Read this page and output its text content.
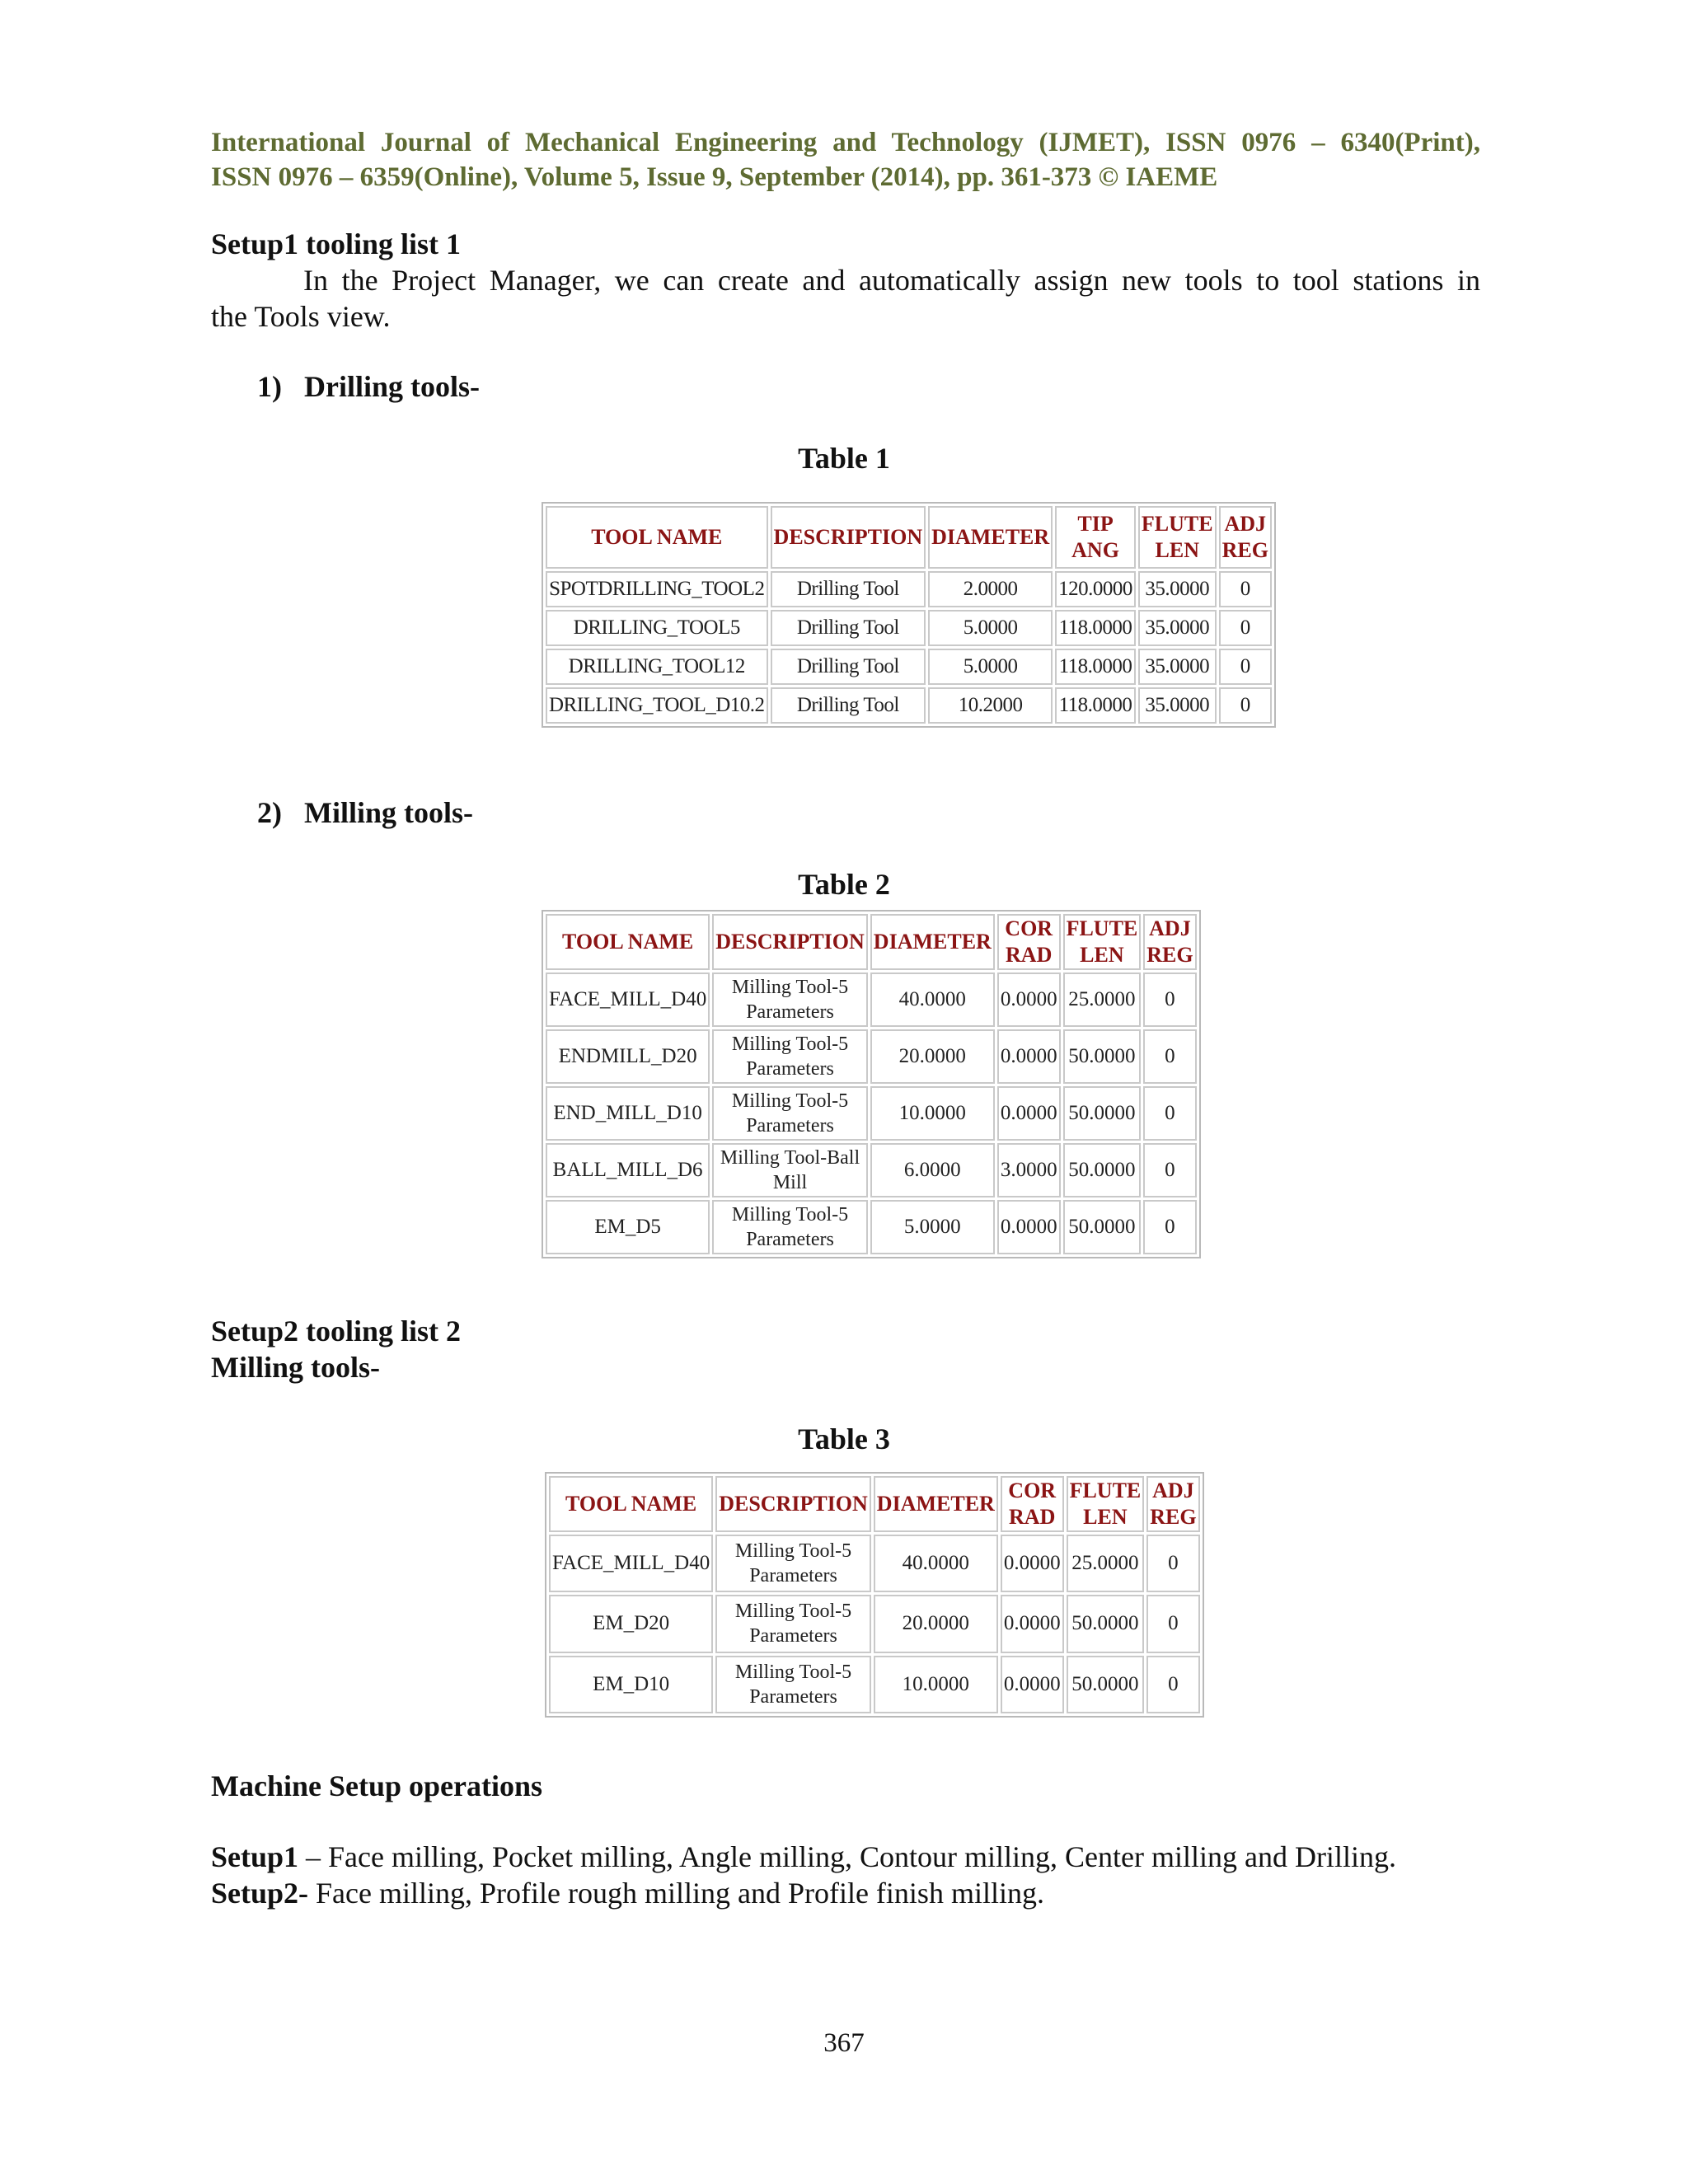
International Journal of Mechanical Engineering and Technology (IJMET), ISSN 0976 – 6340(Print),
ISSN 0976 – 6359(Online), Volume 5, Issue 9, September (2014), pp. 361-373 © IAEME
Setup1 tooling list 1
In the Project Manager, we can create and automatically assign new tools to tool stations in
the Tools view.
1) Drilling tools-
Table 1
TOOL NAME	DESCRIPTION	DIAMETER	TIP ANG	FLUTE LEN	ADJ REG
SPOTDRILLING_TOOL2	Drilling Tool	2.0000	120.0000	35.0000	0
DRILLING_TOOL5	Drilling Tool	5.0000	118.0000	35.0000	0
DRILLING_TOOL12	Drilling Tool	5.0000	118.0000	35.0000	0
DRILLING_TOOL_D10.2	Drilling Tool	10.2000	118.0000	35.0000	0
2) Milling tools-
Table 2
TOOL NAME	DESCRIPTION	DIAMETER	COR RAD	FLUTE LEN	ADJ REG
FACE_MILL_D40	Milling Tool-5 Parameters	40.0000	0.0000	25.0000	0
ENDMILL_D20	Milling Tool-5 Parameters	20.0000	0.0000	50.0000	0
END_MILL_D10	Milling Tool-5 Parameters	10.0000	0.0000	50.0000	0
BALL_MILL_D6	Milling Tool-Ball Mill	6.0000	3.0000	50.0000	0
EM_D5	Milling Tool-5 Parameters	5.0000	0.0000	50.0000	0
Setup2 tooling list 2
Milling tools-
Table 3
TOOL NAME	DESCRIPTION	DIAMETER	COR RAD	FLUTE LEN	ADJ REG
FACE_MILL_D40	Milling Tool-5 Parameters	40.0000	0.0000	25.0000	0
EM_D20	Milling Tool-5 Parameters	20.0000	0.0000	50.0000	0
EM_D10	Milling Tool-5 Parameters	10.0000	0.0000	50.0000	0
Machine Setup operations
Setup1 – Face milling, Pocket milling, Angle milling, Contour milling, Center milling and Drilling.
Setup2- Face milling, Profile rough milling and Profile finish milling.
367
